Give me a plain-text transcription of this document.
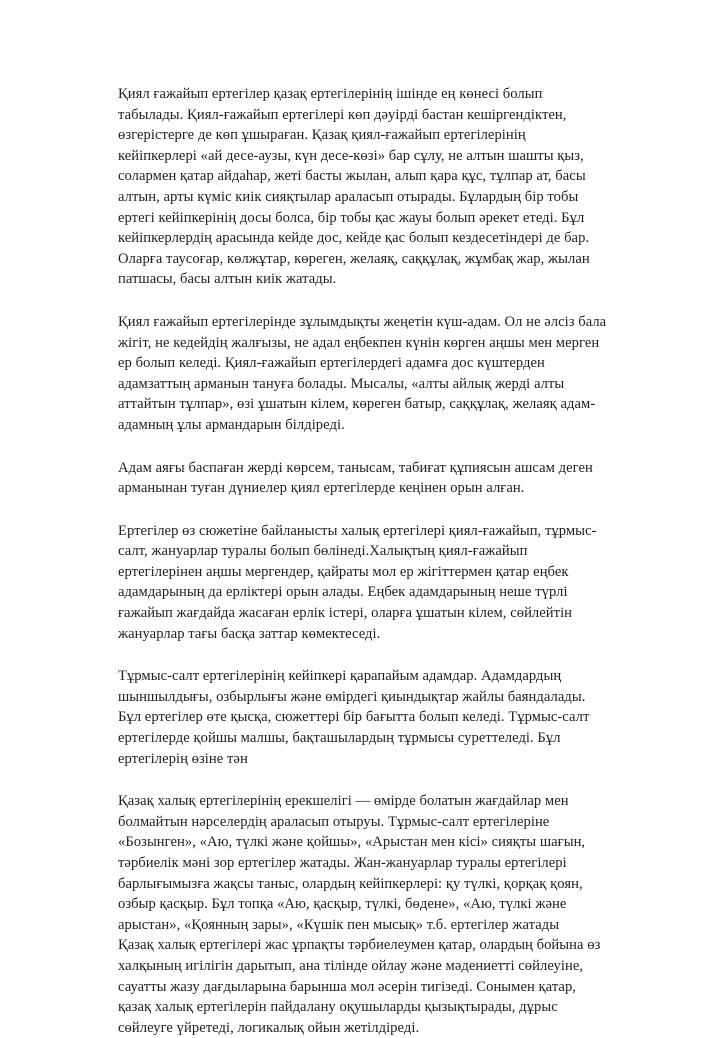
Қиял ғажайып ертегілер қазақ ертегілерінің ішінде ең көнесі болып
табылады. Қиял-ғажайып ертегілері көп дәуірді бастан кешіргендіктен,
өзгерістерге де көп ұшыраған. Қазақ қиял-ғажайып ертегілерінің
кейіпкерлері «ай десе-аузы, күн десе-көзі» бар сұлу, не алтын шашты қыз,
солармен қатар айдаһар, жеті басты жылан, алып қара құс, тұлпар ат, басы
алтын, арты күміс киік сияқтылар араласып отырады. Бұлардың бір тобы
ертегі кейіпкерінің досы болса, бір тобы қас жауы болып әрекет етеді. Бұл
кейіпкерлердің арасында кейде дос, кейде қас болып кездесетіндері де бар.
Оларға таусоғар, көлжұтар, көреген, желаяқ, саққұлақ, жұмбақ жар, жылан
патшасы, басы алтын киік жатады.

Қиял ғажайып ертегілерінде зұлымдықты жеңетін күш-адам. Ол не әлсіз бала
жігіт, не кедейдің жалғызы, не адал еңбекпен күнін көрген аңшы мен мерген
ер болып келеді. Қиял-ғажайып ертегілердегі адамға дос күштерден
адамзаттың арманын тануға болады. Мысалы, «алты айлық жерді алты
аттайтын тұлпар», өзі ұшатын кілем, көреген батыр, саққұлақ, желаяқ адам-
адамның ұлы армандарын білдіреді.

Адам аяғы баспаған жерді көрсем, танысам, табиғат құпиясын ашсам деген
арманынан туған дүниелер қиял ертегілерде кеңінен орын алған.

Ертегілер өз сюжетіне байланысты халық ертегілері қиял-ғажайып, тұрмыс-
салт, жануарлар туралы болып бөлінеді.Халықтың қиял-ғажайып
ертегілерінен аңшы мергендер, қайраты мол ер жігіттермен қатар еңбек
адамдарының да ерліктері орын алады. Еңбек адамдарының неше түрлі
ғажайып жағдайда жасаған ерлік істері, оларға ұшатын кілем, сөйлейтін
жануарлар тағы басқа заттар көмектеседі.

Тұрмыс-салт ертегілерінің кейіпкері қарапайым адамдар. Адамдардың
шыншылдығы, озбырлығы және өмірдегі қиындықтар жайлы баяндалады.
Бұл ертегілер өте қысқа, сюжеттері бір бағытта болып келеді. Тұрмыс-салт
ертегілерде қойшы малшы, бақташылардың тұрмысы суреттеледі. Бұл
ертегілерің өзіне тән

Қазақ халық ертегілерінің ерекшелігі — өмірде болатын жағдайлар мен
болмайтын нәрселердің араласып отыруы. Тұрмыс-салт ертегілеріне
«Бозынген», «Аю, түлкі және қойшы», «Арыстан мен кісі» сияқты шағын,
тәрбиелік мәні зор ертегілер жатады. Жан-жануарлар туралы ертегілері
барлығымызға жақсы таныс, олардың кейіпкерлері: қу түлкі, қорқақ қоян,
озбыр қасқыр. Бұл топқа «Аю, қасқыр, түлкі, бөдене», «Аю, түлкі және
арыстан», «Қоянның зары», «Күшік пен мысық» т.б. ертегілер жатады
Қазақ халық ертегілері жас ұрпақты тәрбиелеумен қатар, олардың бойына өз
халқының игілігін дарытып, ана тілінде ойлау және мәдениетті сөйлеуіне,
сауатты жазу дағдыларына барынша мол әсерін тигізеді. Сонымен қатар,
қазақ халық ертегілерін пайдалану оқушыларды қызықтырады, дұрыс
сөйлеуге үйретеді, логикалық ойын жетілдіреді.
